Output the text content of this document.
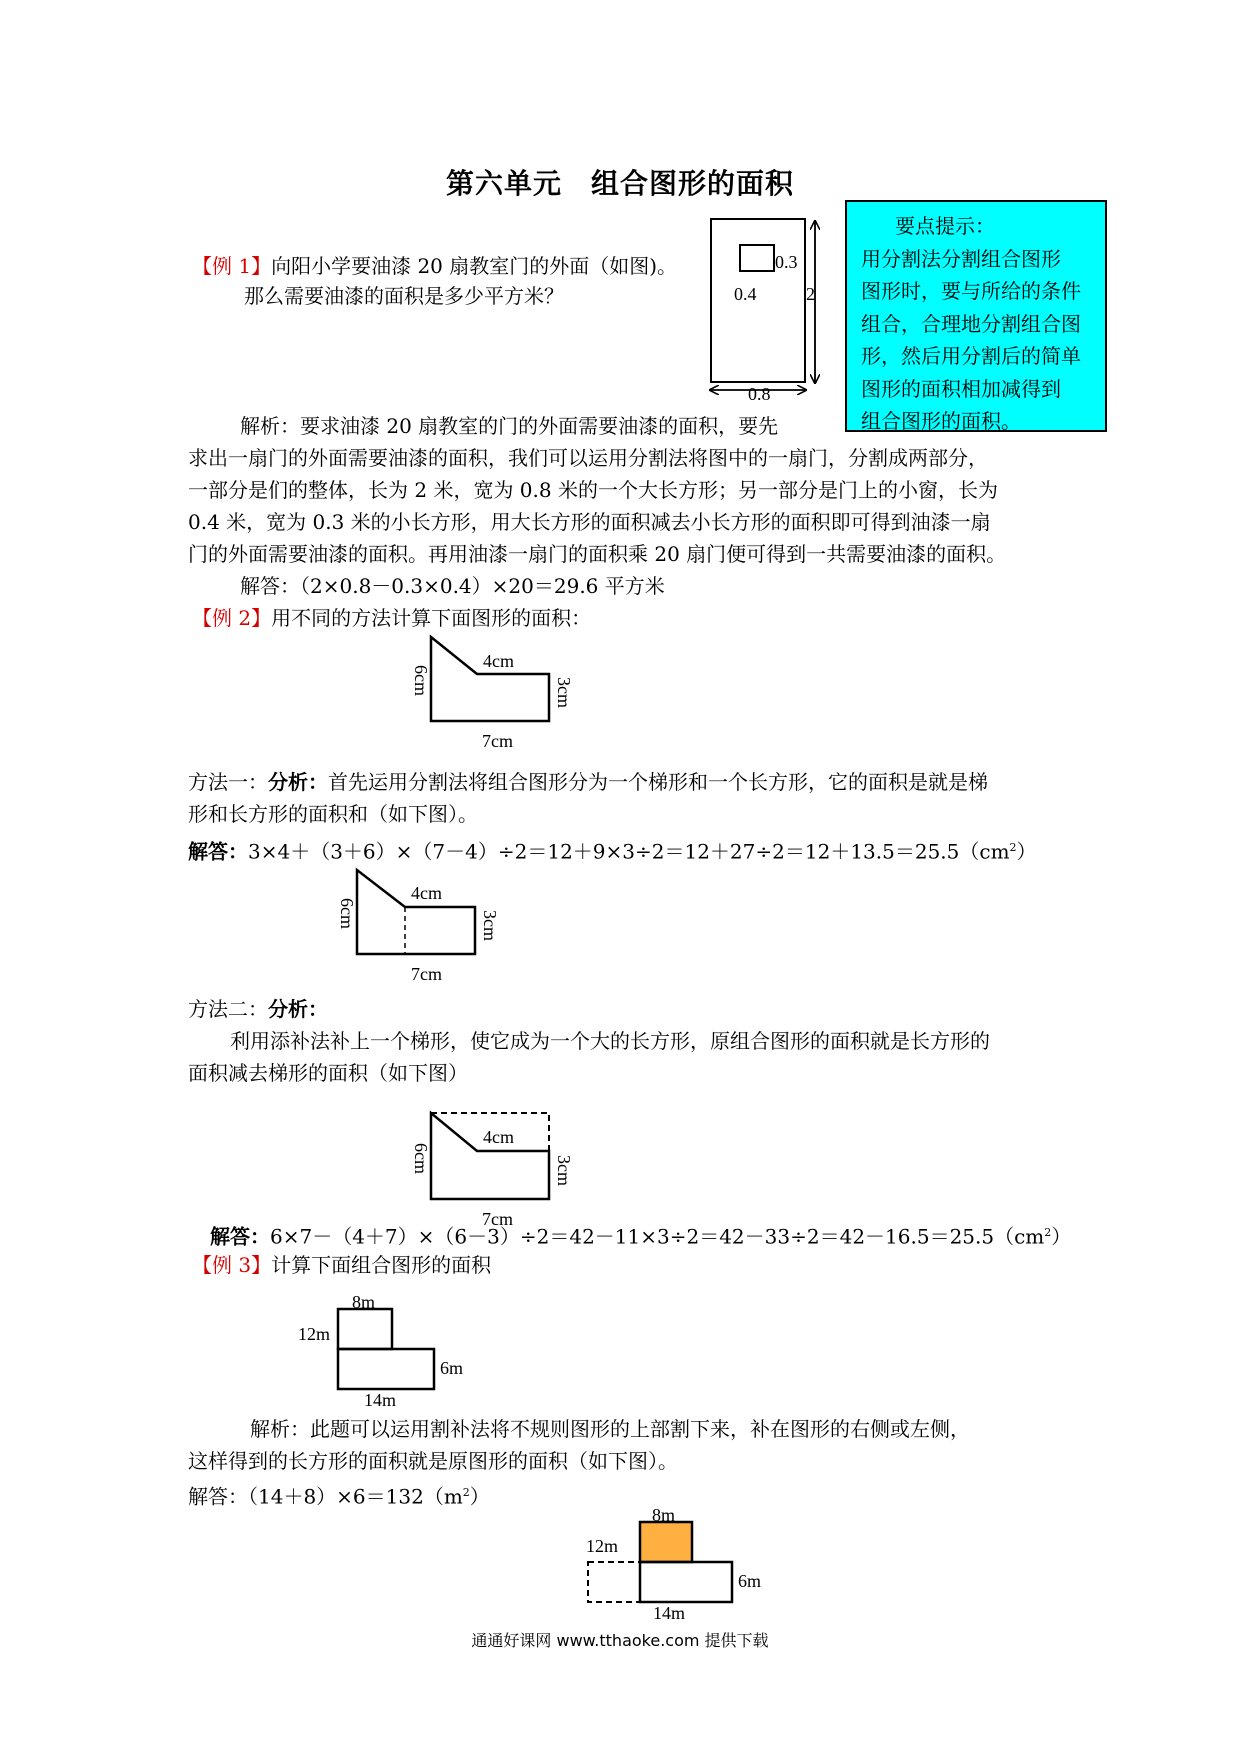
第六单元　组合图形的面积
要点提示：
用分割法分割组合图形
图形时，要与所给的条件
组合，合理地分割组合图
形，然后用分割后的简单
图形的面积相加减得到
组合图形的面积。
【例 1】向阳小学要油漆 20 扇教室门的外面（如图)。
那么需要油漆的面积是多少平方米？
解析：要求油漆 20 扇教室的门的外面需要油漆的面积，要先
求出一扇门的外面需要油漆的面积，我们可以运用分割法将图中的一扇门，分割成两部分，
一部分是们的整体，长为 2 米，宽为 0.8 米的一个大长方形；另一部分是门上的小窗，长为
0.4 米，宽为 0.3 米的小长方形，用大长方形的面积减去小长方形的面积即可得到油漆一扇
门的外面需要油漆的面积。再用油漆一扇门的面积乘 20 扇门便可得到一共需要油漆的面积。
解答：（2×0.8－0.3×0.4）×20＝29.6 平方米
【例 2】用不同的方法计算下面图形的面积：
方法一：分析：首先运用分割法将组合图形分为一个梯形和一个长方形，它的面积是就是梯
形和长方形的面积和（如下图）。
解答：$3\times 4+(3+6)\times(7-4)\div 2=12+9\times 3\div 2=12+27\div 2=12+13.5=25.5(cm^2)$
方法二：分析：
利用添补法补上一个梯形，使它成为一个大的长方形，原组合图形的面积就是长方形的
面积减去梯形的面积（如下图）
解答：$6\times 7-(4+7)\times(6-3)\div 2=42-11\times 3\div 2=42-33\div 2=42-16.5=25.5(cm^2)$
【例 3】计算下面组合图形的面积
解析：此题可以运用割补法将不规则图形的上部割下来，补在图形的右侧或左侧，
这样得到的长方形的面积就是原图形的面积（如下图）。
解答：$(14+8)\times 6=132(m^2)$
0.3
0.4	2
0.8
4cm
7cm
6cm	3cm
4cm
7cm
6cm	3cm
4cm
7cm
6cm	3cm
8m
12m
6m
14m
8m
12m
6m
14m
通通好课网 www.tthaoke.com 提供下载
